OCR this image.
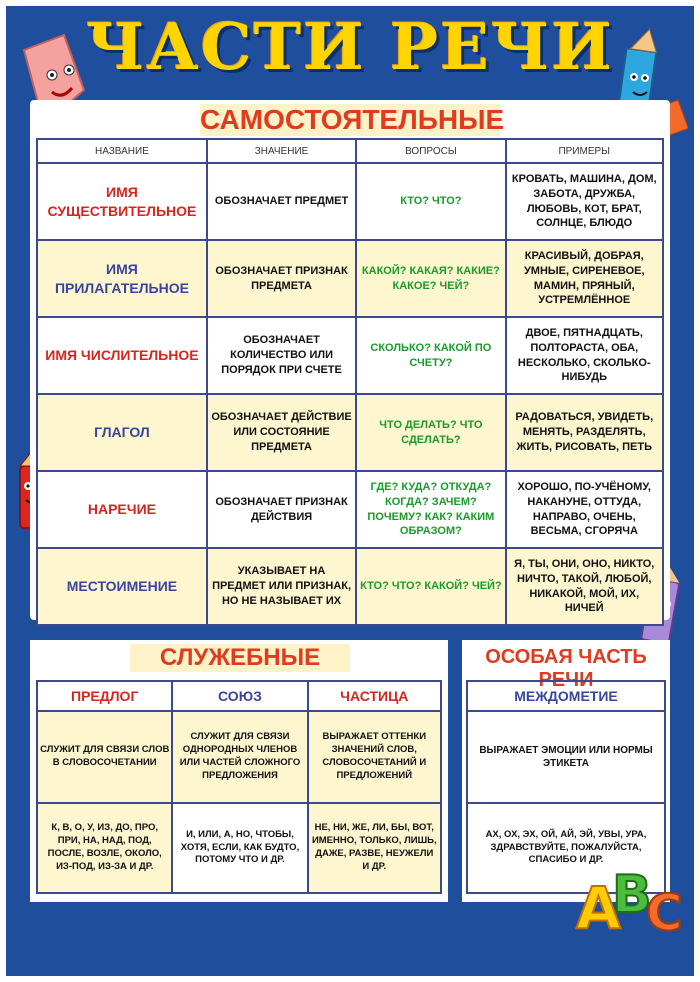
ЧАСТИ РЕЧИ
САМОСТОЯТЕЛЬНЫЕ
НАЗВАНИЕ	ЗНАЧЕНИЕ	ВОПРОСЫ	ПРИМЕРЫ
ИМЯ СУЩЕСТВИТЕЛЬНОЕ	ОБОЗНАЧАЕТ ПРЕДМЕТ	КТО? ЧТО?	КРОВАТЬ, МАШИНА, ДОМ, ЗАБОТА, ДРУЖБА, ЛЮБОВЬ, КОТ, БРАТ, СОЛНЦЕ, БЛЮДО
ИМЯ ПРИЛАГАТЕЛЬНОЕ	ОБОЗНАЧАЕТ ПРИЗНАК ПРЕДМЕТА	КАКОЙ? КАКАЯ? КАКИЕ? КАКОЕ? ЧЕЙ?	КРАСИВЫЙ, ДОБРАЯ, УМНЫЕ, СИРЕНЕВОЕ, МАМИН, ПРЯНЫЙ, УСТРЕМЛЁННОЕ
ИМЯ ЧИСЛИТЕЛЬНОЕ	ОБОЗНАЧАЕТ КОЛИЧЕСТВО ИЛИ ПОРЯДОК ПРИ СЧЕТЕ	СКОЛЬКО? КАКОЙ ПО СЧЕТУ?	ДВОЕ, ПЯТНАДЦАТЬ, ПОЛТОРАСТА, ОБА, НЕСКОЛЬКО, СКОЛЬКО-НИБУДЬ
ГЛАГОЛ	ОБОЗНАЧАЕТ ДЕЙСТВИЕ ИЛИ СОСТОЯНИЕ ПРЕДМЕТА	ЧТО ДЕЛАТЬ? ЧТО СДЕЛАТЬ?	РАДОВАТЬСЯ, УВИДЕТЬ, МЕНЯТЬ, РАЗДЕЛЯТЬ, ЖИТЬ, РИСОВАТЬ, ПЕТЬ
НАРЕЧИЕ	ОБОЗНАЧАЕТ ПРИЗНАК ДЕЙСТВИЯ	ГДЕ? КУДА? ОТКУДА? КОГДА? ЗАЧЕМ? ПОЧЕМУ? КАК? КАКИМ ОБРАЗОМ?	ХОРОШО, ПО-УЧЁНОМУ, НАКАНУНЕ, ОТТУДА, НАПРАВО, ОЧЕНЬ, ВЕСЬМА, СГОРЯЧА
МЕСТОИМЕНИЕ	УКАЗЫВАЕТ НА ПРЕДМЕТ ИЛИ ПРИЗНАК, НО НЕ НАЗЫВАЕТ ИХ	КТО? ЧТО? КАКОЙ? ЧЕЙ?	Я, ТЫ, ОНИ, ОНО, НИКТО, НИЧТО, ТАКОЙ, ЛЮБОЙ, НИКАКОЙ, МОЙ, ИХ, НИЧЕЙ
СЛУЖЕБНЫЕ
ПРЕДЛОГ	СОЮЗ	ЧАСТИЦА
СЛУЖИТ ДЛЯ СВЯЗИ СЛОВ В СЛОВОСОЧЕТАНИИ	СЛУЖИТ ДЛЯ СВЯЗИ ОДНОРОДНЫХ ЧЛЕНОВ ИЛИ ЧАСТЕЙ СЛОЖНОГО ПРЕДЛОЖЕНИЯ	ВЫРАЖАЕТ ОТТЕНКИ ЗНАЧЕНИЙ СЛОВ, СЛОВОСОЧЕТАНИЙ И ПРЕДЛОЖЕНИЙ
К, В, О, У, ИЗ, ДО, ПРО, ПРИ, НА, НАД, ПОД, ПОСЛЕ, ВОЗЛЕ, ОКОЛО, ИЗ-ПОД, ИЗ-ЗА И ДР.	И, ИЛИ, А, НО, ЧТОБЫ, ХОТЯ, ЕСЛИ, КАК БУДТО, ПОТОМУ ЧТО И ДР.	НЕ, НИ, ЖЕ, ЛИ, БЫ, ВОТ, ИМЕННО, ТОЛЬКО, ЛИШЬ, ДАЖЕ, РАЗВЕ, НЕУЖЕЛИ И ДР.
ОСОБАЯ ЧАСТЬ РЕЧИ
МЕЖДОМЕТИЕ
ВЫРАЖАЕТ ЭМОЦИИ ИЛИ НОРМЫ ЭТИКЕТА
АХ, ОХ, ЭХ, ОЙ, АЙ, ЭЙ, УВЫ, УРА, ЗДРАВСТВУЙТЕ, ПОЖАЛУЙСТА, СПАСИБО И ДР.
A
B
C
